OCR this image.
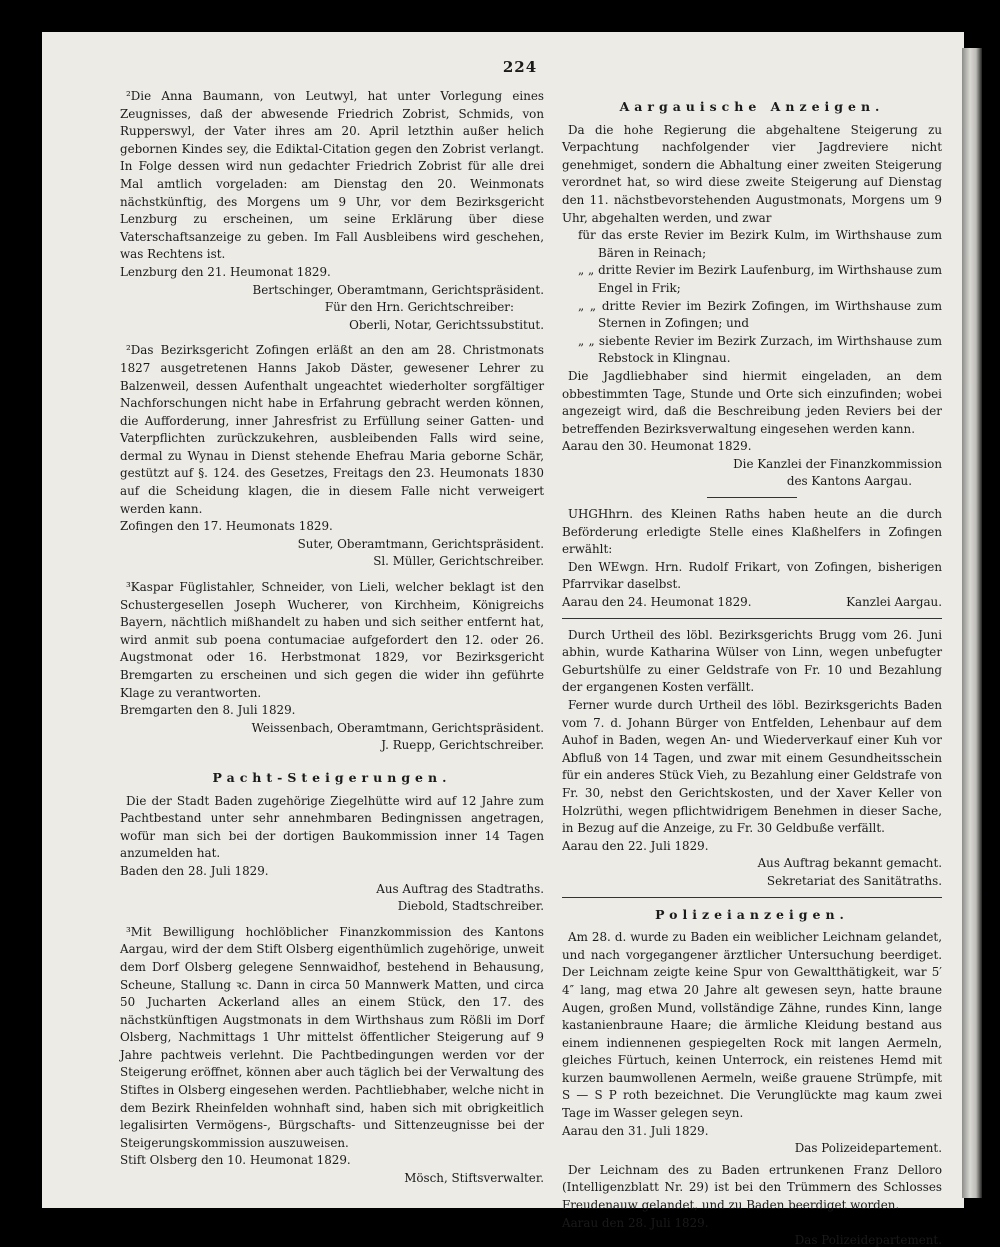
224

²Die Anna Baumann, von Leutwyl, hat unter Vorlegung eines Zeugnisses, daß der abwesende Friedrich Zobrist, Schmids, von Rupperswyl, der Vater ihres am 20. April letzthin außer helich gebornen Kindes sey, die Ediktal-Citation gegen den Zobrist verlangt. In Folge dessen wird nun gedachter Friedrich Zobrist für alle drei Mal amtlich vorgeladen: am Dienstag den 20. Weinmonats nächstkünftig, des Morgens um 9 Uhr, vor dem Bezirksgericht Lenzburg zu erscheinen, um seine Erklärung über diese Vaterschaftsanzeige zu geben. Im Fall Ausbleibens wird geschehen, was Rechtens ist.

Lenzburg den 21. Heumonat 1829.

Bertschinger, Oberamtmann, Gerichtspräsident.

Für den Hrn. Gerichtschreiber:

Oberli, Notar, Gerichtssubstitut.

²Das Bezirksgericht Zofingen erläßt an den am 28. Christmonats 1827 ausgetretenen Hanns Jakob Däster, gewesener Lehrer zu Balzenweil, dessen Aufenthalt ungeachtet wiederholter sorgfältiger Nachforschungen nicht habe in Erfahrung gebracht werden können, die Aufforderung, inner Jahresfrist zu Erfüllung seiner Gatten- und Vaterpflichten zurückzukehren, ausbleibenden Falls wird seine, dermal zu Wynau in Dienst stehende Ehefrau Maria geborne Schär, gestützt auf §. 124. des Gesetzes, Freitags den 23. Heumonats 1830 auf die Scheidung klagen, die in diesem Falle nicht verweigert werden kann.

Zofingen den 17. Heumonats 1829.

Suter, Oberamtmann, Gerichtspräsident.

Sl. Müller, Gerichtschreiber.

³Kaspar Füglistahler, Schneider, von Lieli, welcher beklagt ist den Schustergesellen Joseph Wucherer, von Kirchheim, Königreichs Bayern, nächtlich mißhandelt zu haben und sich seither entfernt hat, wird anmit sub poena contumaciae aufgefordert den 12. oder 26. Augstmonat oder 16. Herbstmonat 1829, vor Bezirksgericht Bremgarten zu erscheinen und sich gegen die wider ihn geführte Klage zu verantworten.

Bremgarten den 8. Juli 1829.

Weissenbach, Oberamtmann, Gerichtspräsident.

J. Ruepp, Gerichtschreiber.

Pacht-Steigerungen.

Die der Stadt Baden zugehörige Ziegelhütte wird auf 12 Jahre zum Pachtbestand unter sehr annehmbaren Bedingnissen angetragen, wofür man sich bei der dortigen Baukommission inner 14 Tagen anzumelden hat.

Baden den 28. Juli 1829.

Aus Auftrag des Stadtraths.

Diebold, Stadtschreiber.

³Mit Bewilligung hochlöblicher Finanzkommission des Kantons Aargau, wird der dem Stift Olsberg eigenthümlich zugehörige, unweit dem Dorf Olsberg gelegene Sennwaidhof, bestehend in Behausung, Scheune, Stallung ꝛc. Dann in circa 50 Mannwerk Matten, und circa 50 Jucharten Ackerland alles an einem Stück, den 17. des nächstkünftigen Augstmonats in dem Wirthshaus zum Rößli im Dorf Olsberg, Nachmittags 1 Uhr mittelst öffentlicher Steigerung auf 9 Jahre pachtweis verlehnt. Die Pachtbedingungen werden vor der Steigerung eröffnet, können aber auch täglich bei der Verwaltung des Stiftes in Olsberg eingesehen werden. Pachtliebhaber, welche nicht in dem Bezirk Rheinfelden wohnhaft sind, haben sich mit obrigkeitlich legalisirten Vermögens-, Bürgschafts- und Sittenzeugnisse bei der Steigerungskommission auszuweisen.

Stift Olsberg den 10. Heumonat 1829.

Mösch, Stiftsverwalter.

Aargauische Anzeigen.

Da die hohe Regierung die abgehaltene Steigerung zu Verpachtung nachfolgender vier Jagdreviere nicht genehmiget, sondern die Abhaltung einer zweiten Steigerung verordnet hat, so wird diese zweite Steigerung auf Dienstag den 11. nächstbevorstehenden Augustmonats, Morgens um 9 Uhr, abgehalten werden, und zwar

für das erste Revier im Bezirk Kulm, im Wirthshause zum Bären in Reinach;

„ „ dritte Revier im Bezirk Laufenburg, im Wirthshause zum Engel in Frik;

„ „ dritte Revier im Bezirk Zofingen, im Wirthshause zum Sternen in Zofingen; und

„ „ siebente Revier im Bezirk Zurzach, im Wirthshause zum Rebstock in Klingnau.

Die Jagdliebhaber sind hiermit eingeladen, an dem obbestimmten Tage, Stunde und Orte sich einzufinden; wobei angezeigt wird, daß die Beschreibung jeden Reviers bei der betreffenden Bezirksverwaltung eingesehen werden kann.

Aarau den 30. Heumonat 1829.

Die Kanzlei der Finanzkommission

des Kantons Aargau.

UHGHhrn. des Kleinen Raths haben heute an die durch Beförderung erledigte Stelle eines Klaßhelfers in Zofingen erwählt:

Den WEwgn. Hrn. Rudolf Frikart, von Zofingen, bisherigen Pfarrvikar daselbst.

Aarau den 24. Heumonat 1829.	Kanzlei Aargau.

Durch Urtheil des löbl. Bezirksgerichts Brugg vom 26. Juni abhin, wurde Katharina Wülser von Linn, wegen unbefugter Geburtshülfe zu einer Geldstrafe von Fr. 10 und Bezahlung der ergangenen Kosten verfällt.

Ferner wurde durch Urtheil des löbl. Bezirksgerichts Baden vom 7. d. Johann Bürger von Entfelden, Lehenbaur auf dem Auhof in Baden, wegen An- und Wiederverkauf einer Kuh vor Abfluß von 14 Tagen, und zwar mit einem Gesundheitsschein für ein anderes Stück Vieh, zu Bezahlung einer Geldstrafe von Fr. 30, nebst den Gerichtskosten, und der Xaver Keller von Holzrüthi, wegen pflichtwidrigem Benehmen in dieser Sache, in Bezug auf die Anzeige, zu Fr. 30 Geldbuße verfällt.

Aarau den 22. Juli 1829.

Aus Auftrag bekannt gemacht.

Sekretariat des Sanitätraths.

Polizeianzeigen.

Am 28. d. wurde zu Baden ein weiblicher Leichnam gelandet, und nach vorgegangener ärztlicher Untersuchung beerdiget. Der Leichnam zeigte keine Spur von Gewaltthätigkeit, war 5′ 4″ lang, mag etwa 20 Jahre alt gewesen seyn, hatte braune Augen, großen Mund, vollständige Zähne, rundes Kinn, lange kastanienbraune Haare; die ärmliche Kleidung bestand aus einem indiennenen gespiegelten Rock mit langen Aermeln, gleiches Fürtuch, keinen Unterrock, ein reistenes Hemd mit kurzen baumwollenen Aermeln, weiße grauene Strümpfe, mit S — S P roth bezeichnet. Die Verunglückte mag kaum zwei Tage im Wasser gelegen seyn.

Aarau den 31. Juli 1829.

Das Polizeidepartement.

Der Leichnam des zu Baden ertrunkenen Franz Delloro (Intelligenzblatt Nr. 29) ist bei den Trümmern des Schlosses Freudenauw gelandet, und zu Baden beerdiget worden.

Aarau den 28. Juli 1829.

Das Polizeidepartement.
